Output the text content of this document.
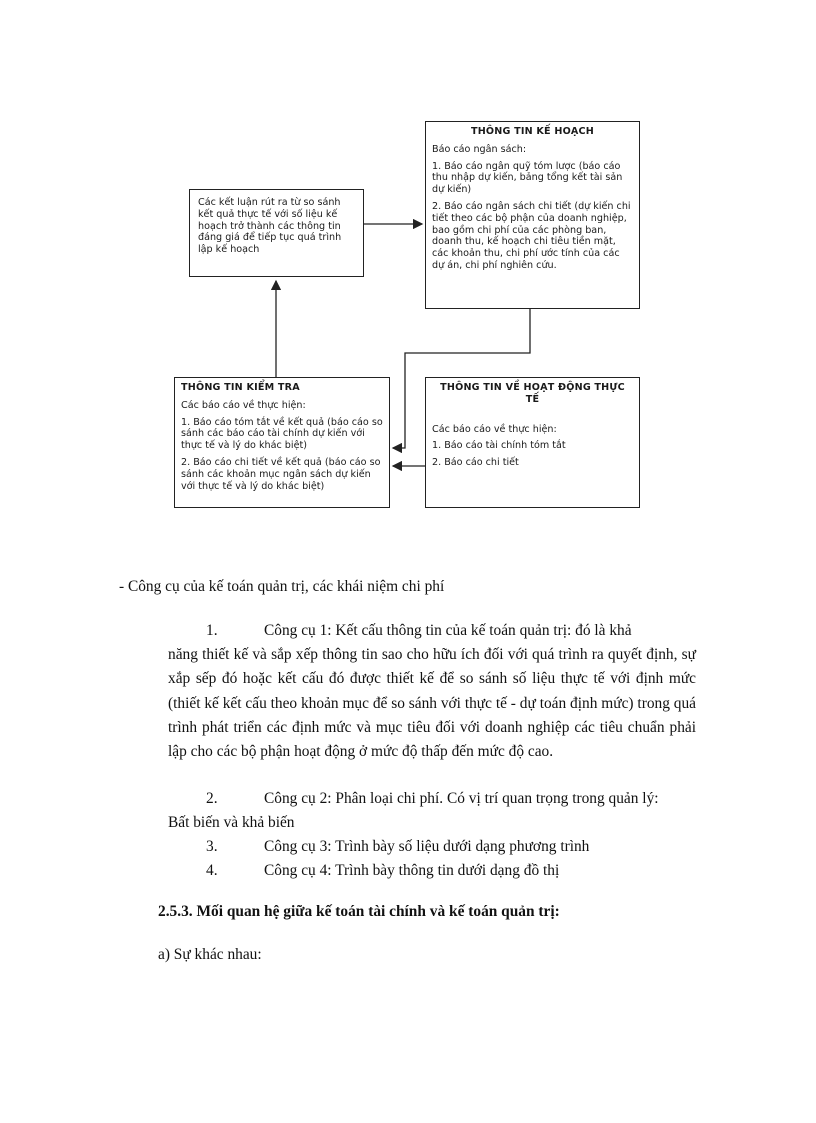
Các kết luận rút ra từ so sánh kết quả thực tế với số liệu kế hoạch trở thành các thông tin đáng giá để tiếp tục quá trình lập kế hoạch
THÔNG TIN KẾ HOẠCH

Báo cáo ngân sách:

1. Báo cáo ngân quỹ tóm lược (báo cáo thu nhập dự kiến, bảng tổng kết tài sản dự kiến)

2. Báo cáo ngân sách chi tiết (dự kiến chi tiết theo các bộ phận của doanh nghiệp, bao gồm chi phí của các phòng ban, doanh thu, kế hoạch chi tiêu tiền mặt, các khoản thu, chi phí ước tính của các dự án, chi phí nghiên cứu.

THÔNG TIN KIỂM TRA

Các báo cáo về thực hiện:

1. Báo cáo tóm tắt về kết quả (báo cáo so sánh các báo cáo tài chính dự kiến với thực tế và lý do khác biệt)

2. Báo cáo chi tiết về kết quả (báo cáo so sánh các khoản mục ngân sách dự kiến với thực tế và lý do khác biệt)

THÔNG TIN VỀ HOẠT ĐỘNG THỰC TẾ

Các báo cáo về thực hiện:

1. Báo cáo tài chính tóm tắt

2. Báo cáo chi tiết

- Công cụ của kế toán quản trị, các khái niệm chi phí
1.	Công cụ 1: Kết cấu thông tin của kế toán quản trị: đó là khả
năng thiết kế và sắp xếp thông tin sao cho hữu ích đối với quá trình ra quyết định, sự xắp sếp đó hoặc kết cấu đó được thiết kế để so sánh số liệu thực tế với định mức (thiết kế kết cấu theo khoản mục để so sánh với thực tế - dự toán định mức) trong quá trình phát triển các định mức và mục tiêu đối với doanh nghiệp các tiêu chuẩn phải lập cho các bộ phận hoạt động ở mức độ thấp đến mức độ cao.
2.	Công cụ 2: Phân loại chi phí. Có vị trí quan trọng trong quản lý:
Bất biến và khả biến
3.	Công cụ 3: Trình bày số liệu dưới dạng phương trình
4.	Công cụ 4: Trình bày thông tin dưới dạng đồ thị
2.5.3. Mối quan hệ giữa kế toán tài chính và kế toán quản trị:
a) Sự khác nhau:
